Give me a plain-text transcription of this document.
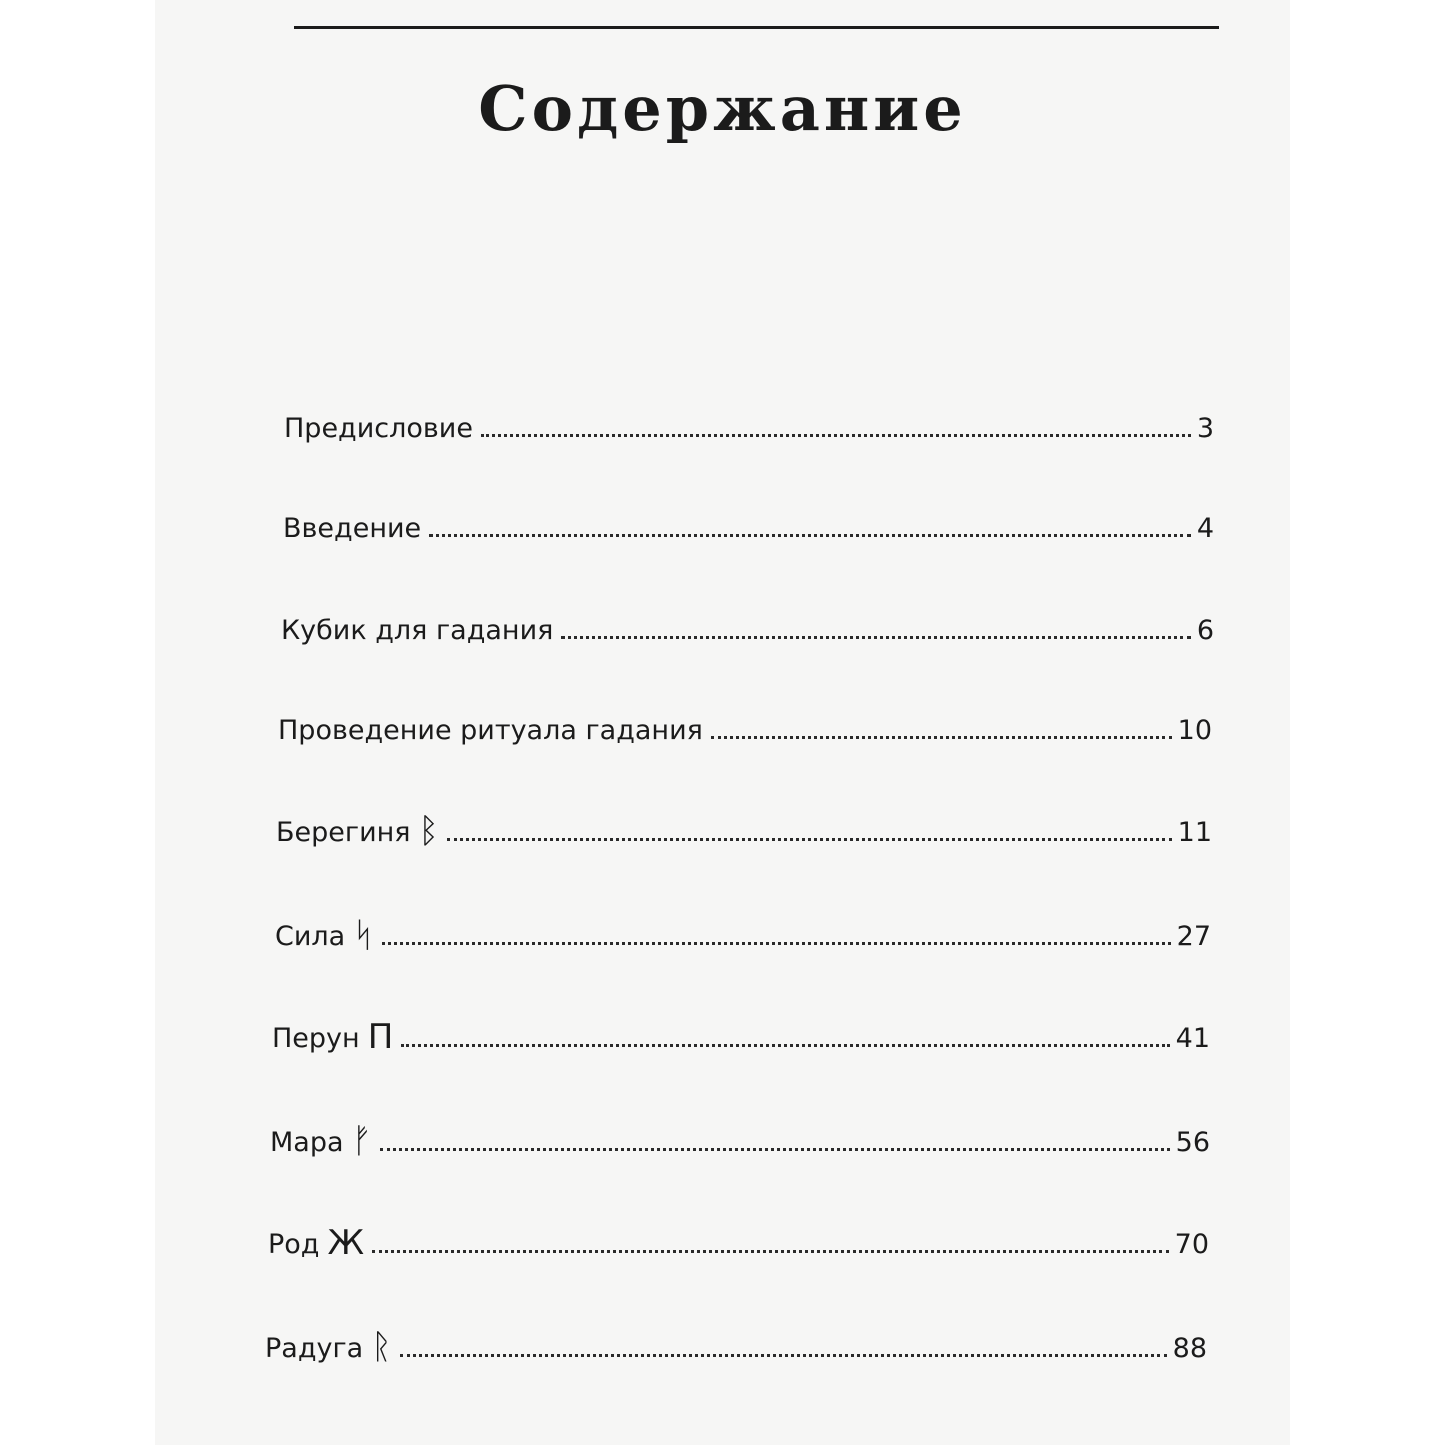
Содержание
Предисловие	3
Введение	4
Кубик для гадания	6
Проведение ритуала гадания	10
Берегиня ᛒ	11
Сила ᛋ	27
Перун Π	41
Мара ᚠ	56
Род Ж	70
Радуга ᚱ	88
